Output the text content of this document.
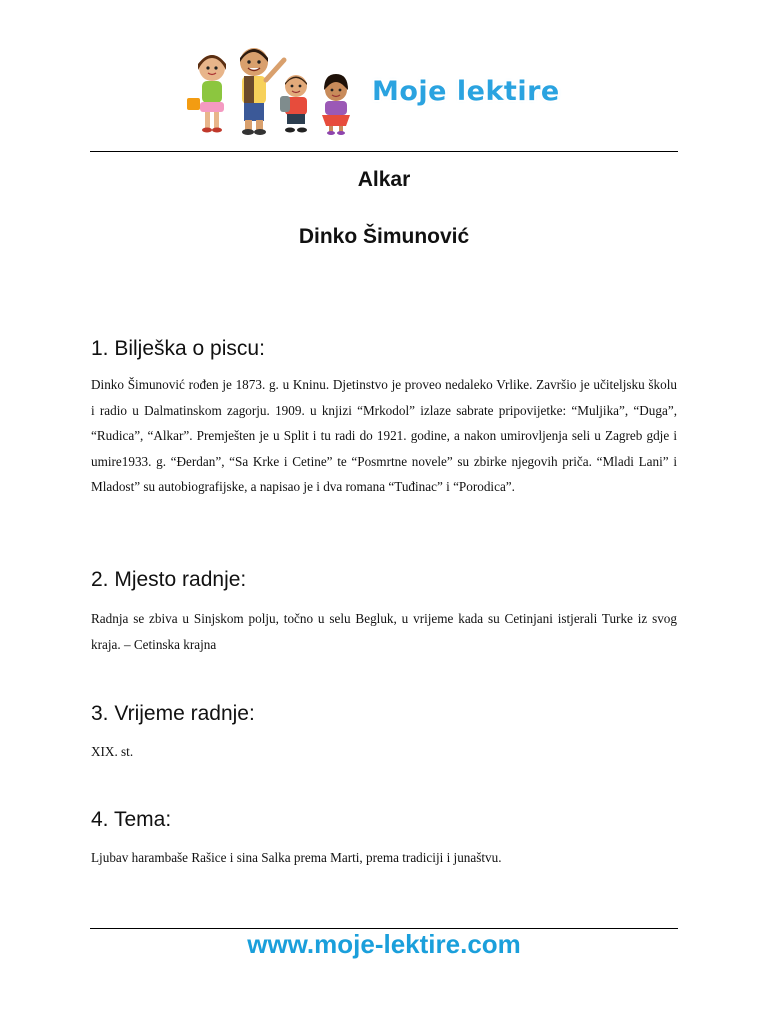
Moje lektire
Alkar
Dinko Šimunović
1. Bilješka o piscu:
Dinko Šimunović rođen je 1873. g. u Kninu. Djetinstvo je proveo nedaleko Vrlike. Završio je učiteljsku školu i radio u Dalmatinskom zagorju. 1909. u knjizi “Mrkodol” izlaze sabrate pripovijetke: “Muljika”, “Duga”, “Rudica”, “Alkar”. Premješten je u Split i tu radi do 1921. godine, a nakon umirovljenja seli u Zagreb gdje i umire1933. g. “Đerdan”, “Sa Krke i Cetine” te “Posmrtne novele” su zbirke njegovih priča. “Mladi Lani” i Mladost” su autobiografijske, a napisao je i dva romana “Tuđinac” i “Porodica”.
2. Mjesto radnje:
Radnja se zbiva u Sinjskom polju, točno u selu Begluk, u vrijeme kada su Cetinjani istjerali Turke iz svog kraja. – Cetinska krajna
3. Vrijeme radnje:
XIX. st.
4. Tema:
Ljubav harambaše Rašice i sina Salka prema Marti, prema tradiciji i junaštvu.
www.moje-lektire.com
